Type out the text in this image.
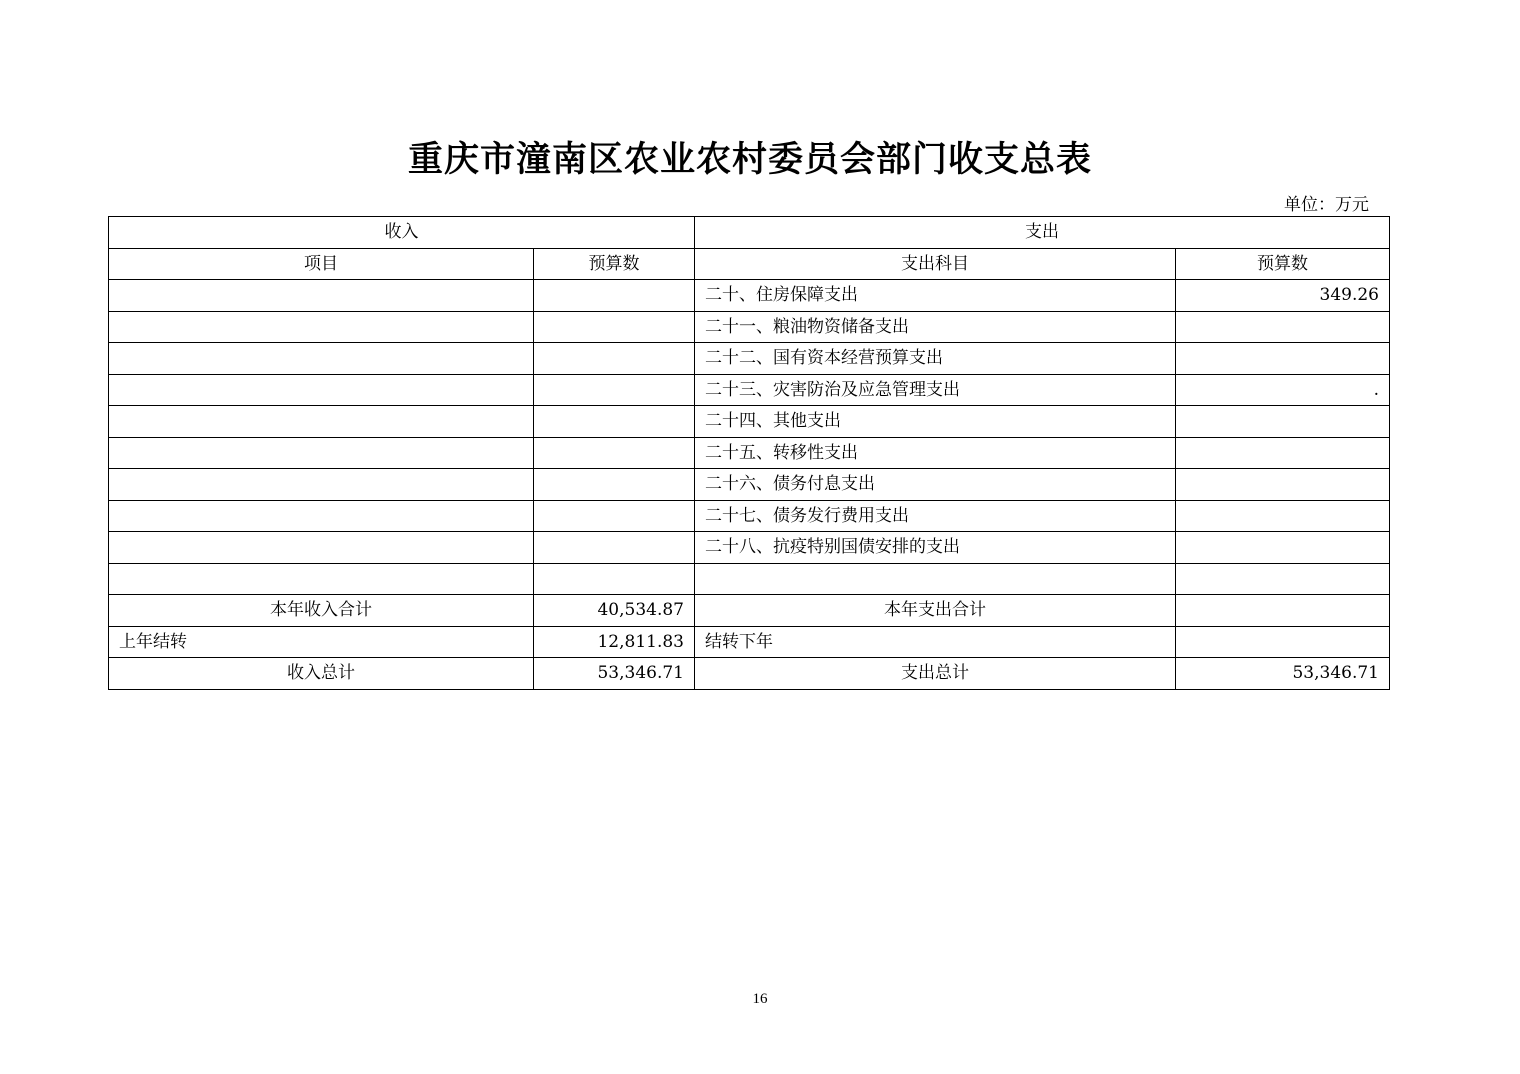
重庆市潼南区农业农村委员会部门收支总表
单位：万元
收入		支出	
项目	预算数	支出科目	预算数
		二十、住房保障支出	349.26
		二十一、粮油物资储备支出	
		二十二、国有资本经营预算支出	
		二十三、灾害防治及应急管理支出	.
		二十四、其他支出	
		二十五、转移性支出	
		二十六、债务付息支出	
		二十七、债务发行费用支出	
		二十八、抗疫特别国债安排的支出	

本年收入合计	40,534.87	本年支出合计	
上年结转	12,811.83	结转下年	
收入总计	53,346.71	支出总计	53,346.71
16
